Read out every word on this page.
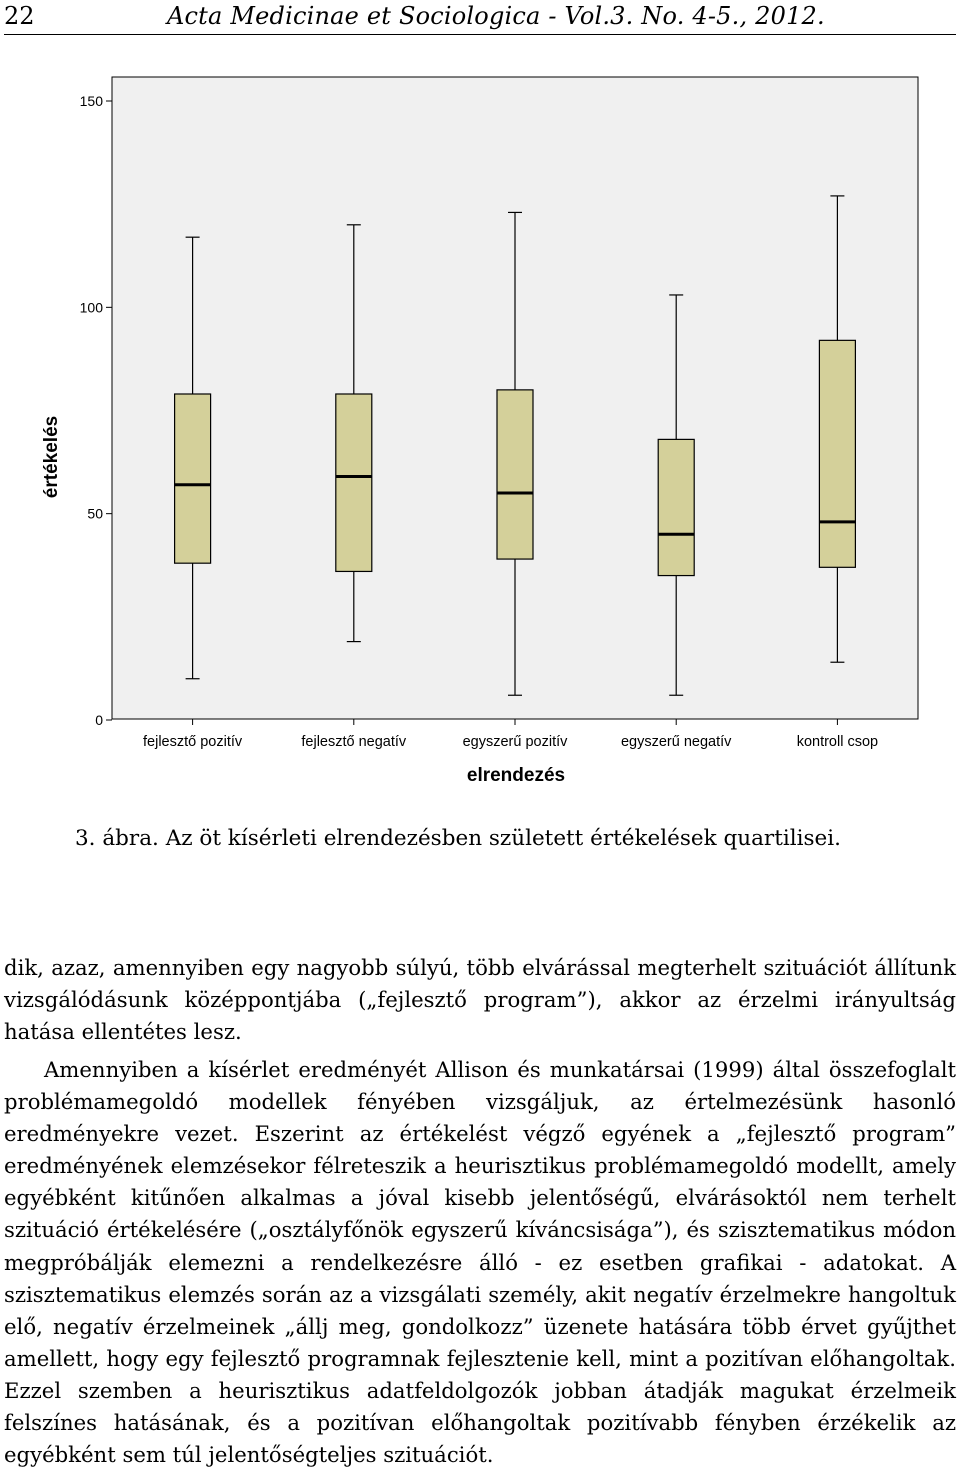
22	Acta Medicinae et Sociologica - Vol.3. No. 4-5., 2012.
0
50
100
150
fejlesztő pozitív	fejlesztő negatív	egyszerű pozitív	egyszerű negatív	kontroll csop
értékelés
elrendezés
3. ábra. Az öt kísérleti elrendezésben született értékelések quartilisei.

dik, azaz, amennyiben egy nagyobb súlyú, több elvárással megterhelt szituációt állítunk vizsgálódásunk középpontjába („fejlesztő program”), akkor az érzelmi irányultság hatása ellentétes lesz.

Amennyiben a kísérlet eredményét Allison és munkatársai (1999) által összefoglalt problémamegoldó modellek fényében vizsgáljuk, az értelmezésünk hasonló eredményekre vezet. Eszerint az értékelést végző egyének a „fejlesztő program” eredményének elemzésekor félreteszik a heurisztikus problémamegoldó modellt, amely egyébként kitűnően alkalmas a jóval kisebb jelentőségű, elvárásoktól nem terhelt szituáció értékelésére („osztályfőnök egyszerű kíváncsisága”), és szisztematikus módon megpróbálják elemezni a rendelkezésre álló - ez esetben grafikai - adatokat. A szisztematikus elemzés során az a vizsgálati személy, akit negatív érzelmekre hangoltuk elő, negatív érzelmeinek „állj meg, gondolkozz” üzenete hatására több érvet gyűjthet amellett, hogy egy fejlesztő programnak fejlesztenie kell, mint a pozitívan előhangoltak. Ezzel szemben a heurisztikus adatfeldolgozók jobban átadják magukat érzelmeik felszínes hatásának, és a pozitívan előhangoltak pozitívabb fényben érzékelik az egyébként sem túl jelentőségteljes szituációt.
